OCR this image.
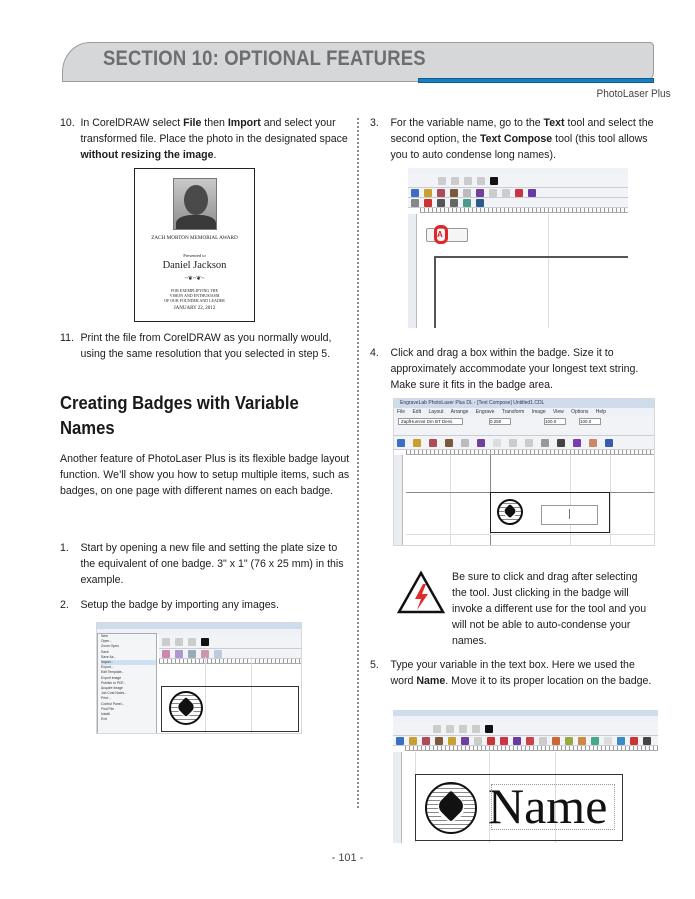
SECTION 10: OPTIONAL FEATURES
PhotoLaser Plus
10. In CorelDRAW select File then Import and select your transformed file. Place the photo in the designated space without resizing the image.
ZACH MORTON MEMORIAL AWARD
Presented to
Daniel Jackson
~❦~❦~
FOR EXEMPLIFYING THE
VISION AND ENTHUSIASM
OF OUR FOUNDER AND LEADER
JANUARY 22, 2012
11. Print the file from CorelDRAW as you normally would, using the same resolution that you selected in step 5.
Creating Badges with Variable Names
Another feature of PhotoLaser Plus is its flexible badge layout function. We’ll show you how to setup multiple items, such as badges, on one page with different names on each badge.
1.	Start by opening a new file and setting the plate size to the equivalent of one badge. 3" x 1" (76 x 25 mm) in this example.
2.	Setup the badge by importing any images.
New
Open...
Zoom Open
Save
Save As...
Import...
Export...
Edit Template...
Export Image
Publish to PDF...
Acquire Image
Job Cost Notes...
Print...
Control Panel...
Find File
Install
Exit
3.	For the variable name, go to the Text tool and select the second option, the Text Compose tool (this tool allows you to auto condense long names).
A
4.	Click and drag a box within the badge. Size it to approximately accommodate your longest text string. Make sure it fits in the badge area.
EngraveLab PhotoLaser Plus DL - [Text Compose] Untitled1.CDL
File Edit Layout Arrange Engrave Transform Image View Options Help
ZapfHumnst Dm BT Demi	0.250	100.0	100.0
Be sure to click and drag after selecting the tool. Just clicking in the badge will invoke a different use for the tool and you will not be able to auto-condense your names.
5.	Type your variable in the text box. Here we used the word Name. Move it to its proper location on the badge.
Name
- 101 -
